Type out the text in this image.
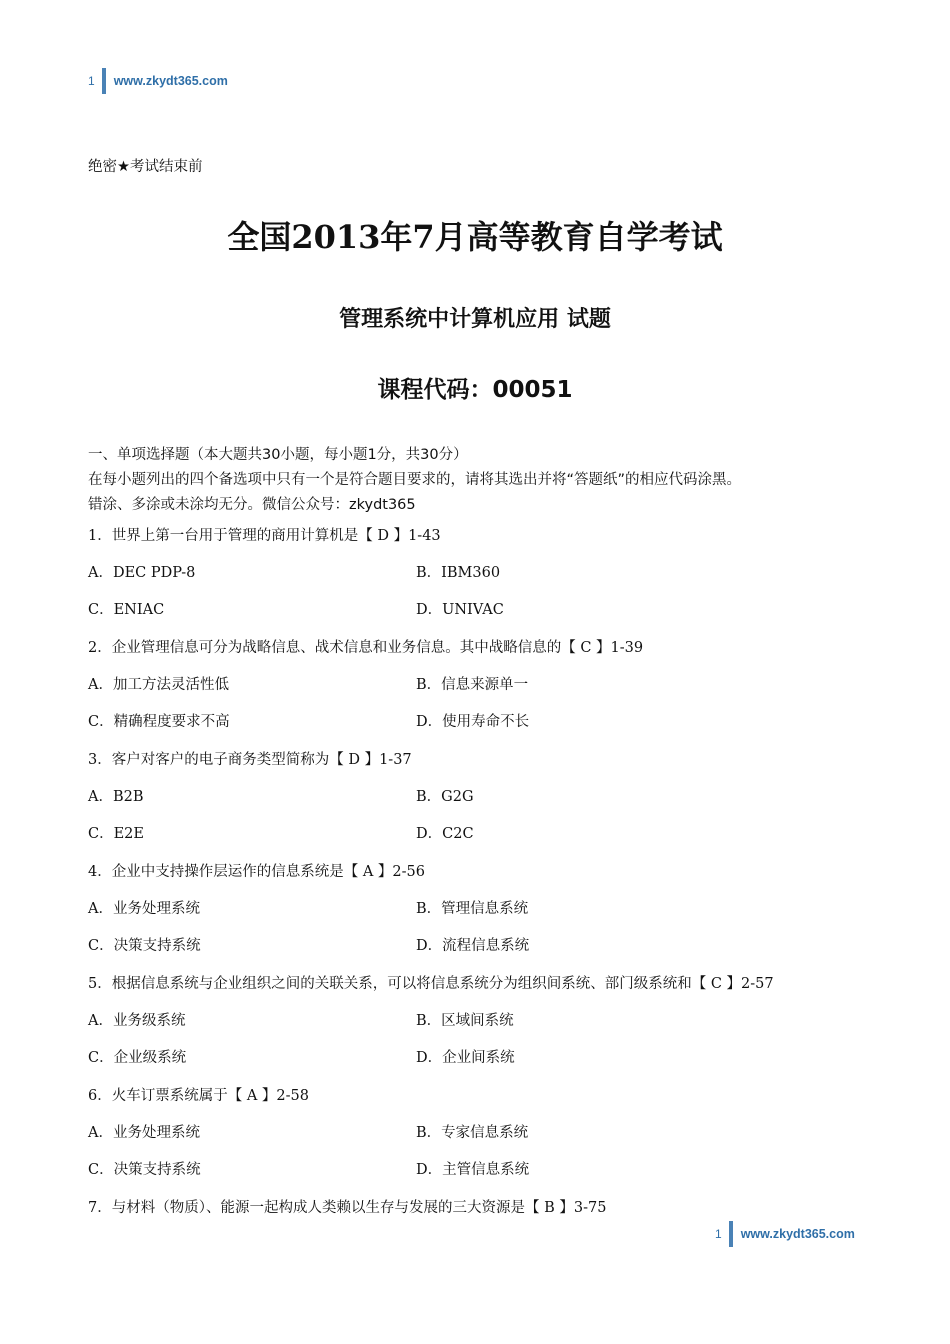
1 www.zkydt365.com
绝密★考试结束前
全国2013年7月高等教育自学考试
管理系统中计算机应用 试题
课程代码：00051

一、单项选择题（本大题共30小题，每小题1分，共30分）

在每小题列出的四个备选项中只有一个是符合题目要求的，请将其选出并将“答题纸”的相应代码涂黑。

错涂、多涂或未涂均无分。微信公众号：zkydt365

1．世界上第一台用于管理的商用计算机是【 D 】1-43
A．DEC PDP-8	B．IBM360
C．ENIAC	D．UNIVAC
2．企业管理信息可分为战略信息、战术信息和业务信息。其中战略信息的【 C 】1-39
A．加工方法灵活性低	B．信息来源单一
C．精确程度要求不高	D．使用寿命不长
3．客户对客户的电子商务类型简称为【 D 】1-37
A．B2B	B．G2G
C．E2E	D．C2C
4．企业中支持操作层运作的信息系统是【 A 】2-56
A．业务处理系统	B．管理信息系统
C．决策支持系统	D．流程信息系统
5．根据信息系统与企业组织之间的关联关系，可以将信息系统分为组织间系统、部门级系统和【 C 】2-57
A．业务级系统	B．区域间系统
C．企业级系统	D．企业间系统
6．火车订票系统属于【 A 】2-58
A．业务处理系统	B．专家信息系统
C．决策支持系统	D．主管信息系统
7．与材料（物质）、能源一起构成人类赖以生存与发展的三大资源是【 B 】3-75
1 www.zkydt365.com
